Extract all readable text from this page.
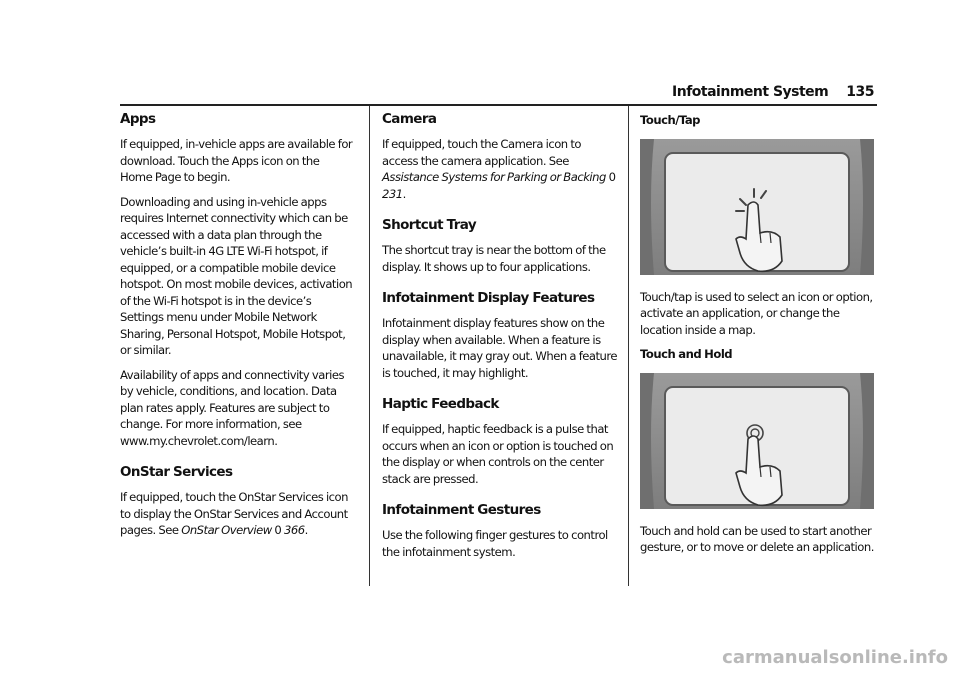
Infotainment System 135
Apps

If equipped, in-vehicle apps are available for download. Touch the Apps icon on the Home Page to begin.

Downloading and using in-vehicle apps requires Internet connectivity which can be accessed with a data plan through the vehicle’s built-in 4G LTE Wi-Fi hotspot, if equipped, or a compatible mobile device hotspot. On most mobile devices, activation of the Wi-Fi hotspot is in the device’s Settings menu under Mobile Network Sharing, Personal Hotspot, Mobile Hotspot, or similar.

Availability of apps and connectivity varies by vehicle, conditions, and location. Data plan rates apply. Features are subject to change. For more information, see www.my.chevrolet.com/learn.

OnStar Services

If equipped, touch the OnStar Services icon to display the OnStar Services and Account pages. See OnStar Overview 0 366.

Camera

If equipped, touch the Camera icon to access the camera application. See Assistance Systems for Parking or Backing 0 231.

Shortcut Tray

The shortcut tray is near the bottom of the display. It shows up to four applications.

Infotainment Display Features

Infotainment display features show on the display when available. When a feature is unavailable, it may gray out. When a feature is touched, it may highlight.

Haptic Feedback

If equipped, haptic feedback is a pulse that occurs when an icon or option is touched on the display or when controls on the center stack are pressed.

Infotainment Gestures

Use the following finger gestures to control the infotainment system.

Touch/Tap

Touch/tap is used to select an icon or option, activate an application, or change the location inside a map.

Touch and Hold

Touch and hold can be used to start another gesture, or to move or delete an application.

carmanualsonline.info
